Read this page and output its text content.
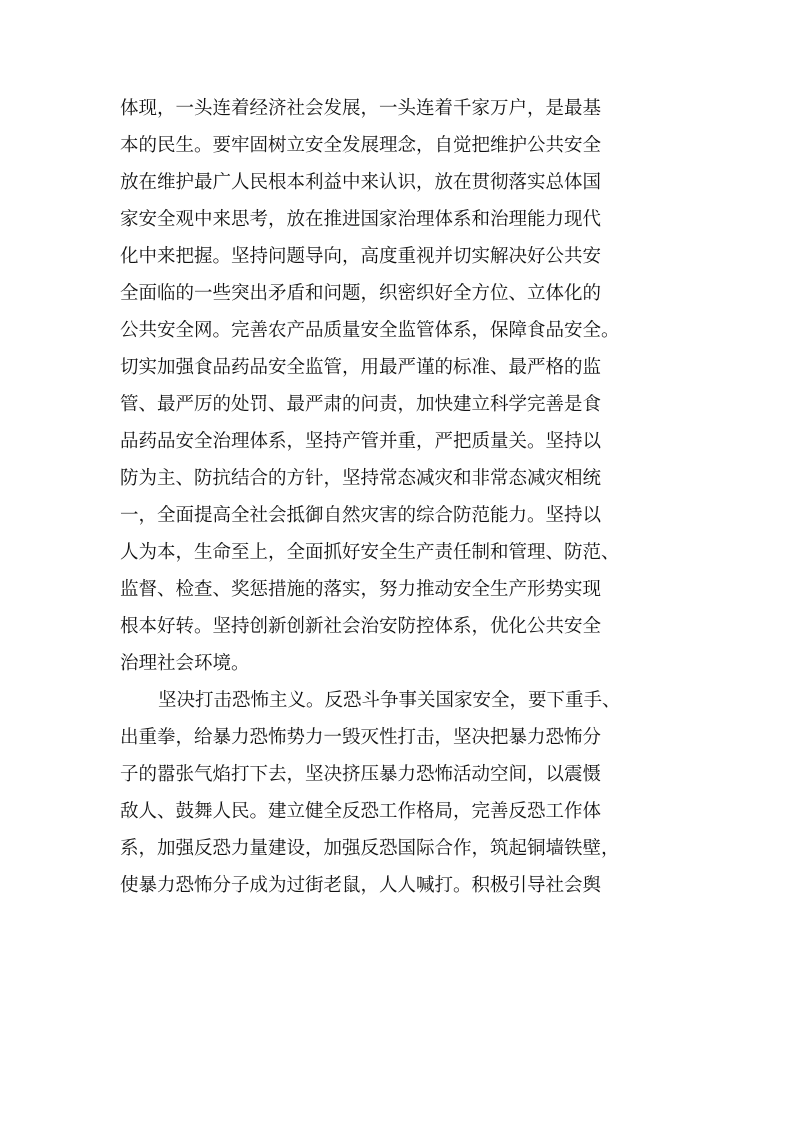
体现，一头连着经济社会发展，一头连着千家万户，是最基
本的民生。要牢固树立安全发展理念，自觉把维护公共安全
放在维护最广人民根本利益中来认识，放在贯彻落实总体国
家安全观中来思考，放在推进国家治理体系和治理能力现代
化中来把握。坚持问题导向，高度重视并切实解决好公共安
全面临的一些突出矛盾和问题，织密织好全方位、立体化的
公共安全网。完善农产品质量安全监管体系，保障食品安全。
切实加强食品药品安全监管，用最严谨的标准、最严格的监
管、最严厉的处罚、最严肃的问责，加快建立科学完善是食
品药品安全治理体系，坚持产管并重，严把质量关。坚持以
防为主、防抗结合的方针，坚持常态减灾和非常态减灾相统
一，全面提高全社会抵御自然灾害的综合防范能力。坚持以
人为本，生命至上，全面抓好安全生产责任制和管理、防范、
监督、检查、奖惩措施的落实，努力推动安全生产形势实现
根本好转。坚持创新创新社会治安防控体系，优化公共安全
治理社会环境。
坚决打击恐怖主义。反恐斗争事关国家安全，要下重手、
出重拳，给暴力恐怖势力一毁灭性打击，坚决把暴力恐怖分
子的嚣张气焰打下去，坚决挤压暴力恐怖活动空间，以震慑
敌人、鼓舞人民。建立健全反恐工作格局，完善反恐工作体
系，加强反恐力量建设，加强反恐国际合作，筑起铜墙铁壁，
使暴力恐怖分子成为过街老鼠，人人喊打。积极引导社会舆
